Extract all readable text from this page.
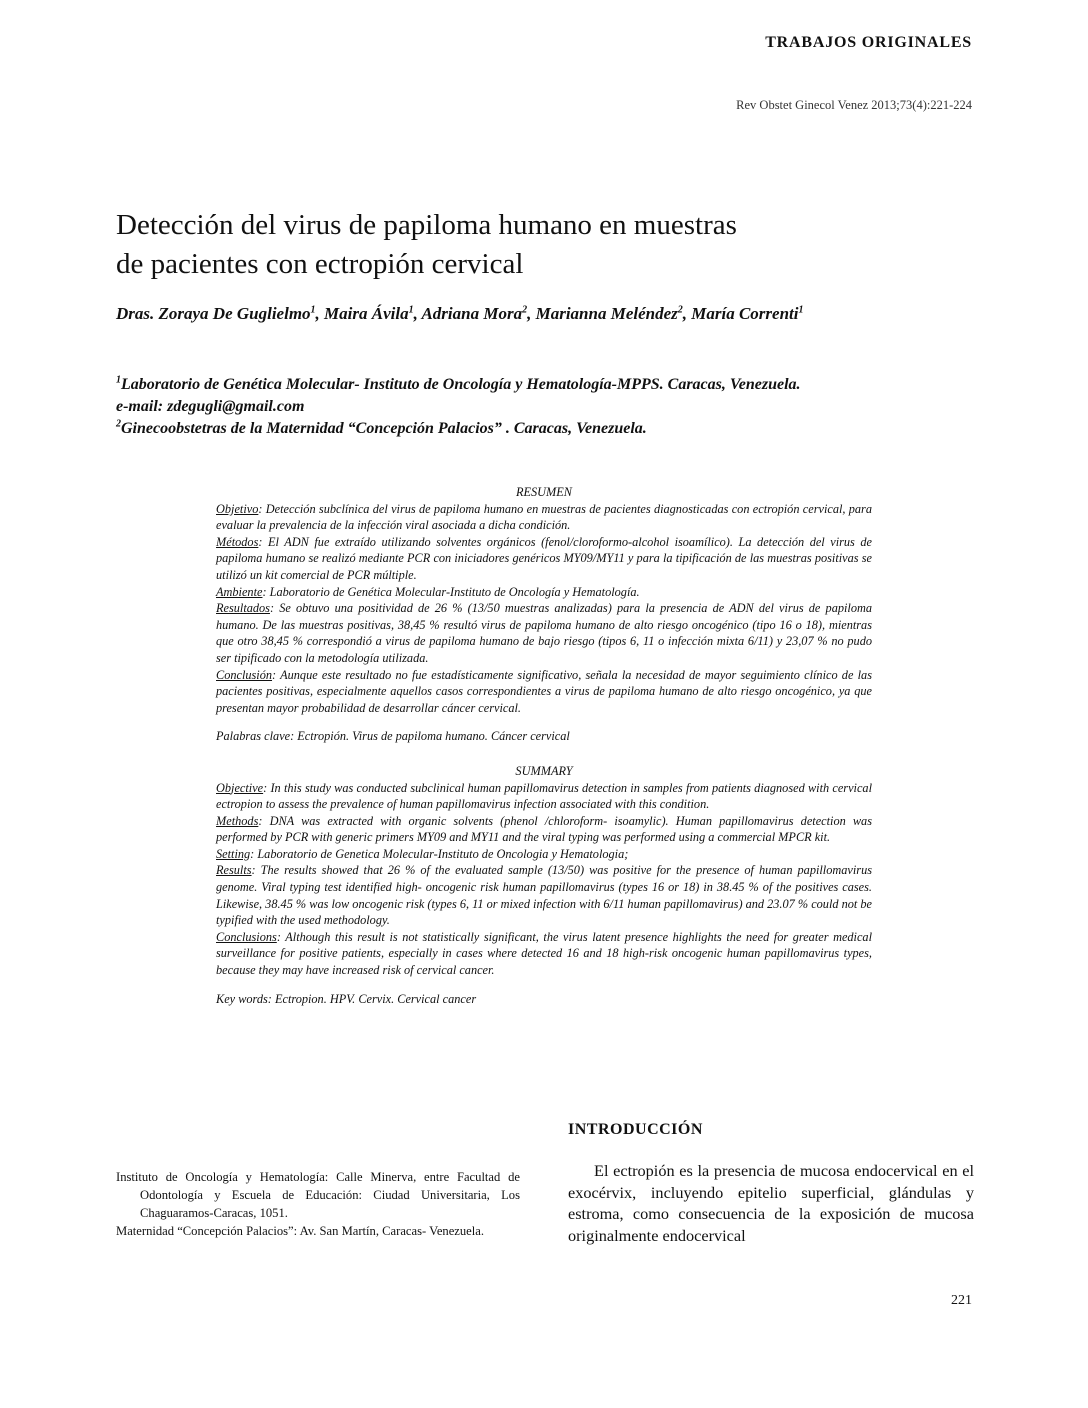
TRABAJOS ORIGINALES
Rev Obstet Ginecol Venez 2013;73(4):221-224
Detección del virus de papiloma humano en muestras
de pacientes con ectropión cervical
Dras. Zoraya De Guglielmo$^1$, Maira Ávila$^1$, Adriana Mora$^2$, Marianna Meléndez$^2$, María Correnti$^1$
$^1$Laboratorio de Genética Molecular- Instituto de Oncología y Hematología-MPPS. Caracas, Venezuela.
e-mail: zdegugli@gmail.com
$^2$Ginecoobstetras de la Maternidad “Concepción Palacios” . Caracas, Venezuela.

RESUMEN

Objetivo: Detección subclínica del virus de papiloma humano en muestras de pacientes diagnosticadas con ectropión cervical, para evaluar la prevalencia de la infección viral asociada a dicha condición.

Métodos: El ADN fue extraído utilizando solventes orgánicos (fenol/cloroformo-alcohol isoamílico). La detección del virus de papiloma humano se realizó mediante PCR con iniciadores genéricos MY09/MY11 y para la tipificación de las muestras positivas se utilizó un kit comercial de PCR múltiple.

Ambiente: Laboratorio de Genética Molecular-Instituto de Oncología y Hematología.

Resultados: Se obtuvo una positividad de 26 % (13/50 muestras analizadas) para la presencia de ADN del virus de papiloma humano. De las muestras positivas, 38,45 % resultó virus de papiloma humano de alto riesgo oncogénico (tipo 16 o 18), mientras que otro 38,45 % correspondió a virus de papiloma humano de bajo riesgo (tipos 6, 11 o infección mixta 6/11) y 23,07 % no pudo ser tipificado con la metodología utilizada.

Conclusión: Aunque este resultado no fue estadísticamente significativo, señala la necesidad de mayor seguimiento clínico de las pacientes positivas, especialmente aquellos casos correspondientes a virus de papiloma humano de alto riesgo oncogénico, ya que presentan mayor probabilidad de desarrollar cáncer cervical.

Palabras clave: Ectropión. Virus de papiloma humano. Cáncer cervical

SUMMARY

Objective: In this study was conducted subclinical human papillomavirus detection in samples from patients diagnosed with cervical ectropion to assess the prevalence of human papillomavirus infection associated with this condition.

Methods: DNA was extracted with organic solvents (phenol /chloroform- isoamylic). Human papillomavirus detection was performed by PCR with generic primers MY09 and MY11 and the viral typing was performed using a commercial MPCR kit.

Setting: Laboratorio de Genetica Molecular-Instituto de Oncologia y Hematologia;

Results: The results showed that 26 % of the evaluated sample (13/50) was positive for the presence of human papillomavirus genome. Viral typing test identified high- oncogenic risk human papillomavirus (types 16 or 18) in 38.45 % of the positives cases. Likewise, 38.45 % was low oncogenic risk (types 6, 11 or mixed infection with 6/11 human papillomavirus) and 23.07 % could not be typified with the used methodology.

Conclusions: Although this result is not statistically significant, the virus latent presence highlights the need for greater medical surveillance for positive patients, especially in cases where detected 16 and 18 high-risk oncogenic human papillomavirus types, because they may have increased risk of cervical cancer.

Key words: Ectropion. HPV. Cervix. Cervical cancer

INTRODUCCIÓN

El ectropión es la presencia de mucosa endocervical en el exocérvix, incluyendo epitelio superficial, glándulas y estroma, como consecuencia de la exposición de mucosa originalmente endocervical

Instituto de Oncología y Hematología: Calle Minerva, entre Facultad de Odontología y Escuela de Educación: Ciudad Universitaria, Los Chaguaramos-Caracas, 1051.

Maternidad “Concepción Palacios”: Av. San Martín, Caracas- Venezuela.

221
